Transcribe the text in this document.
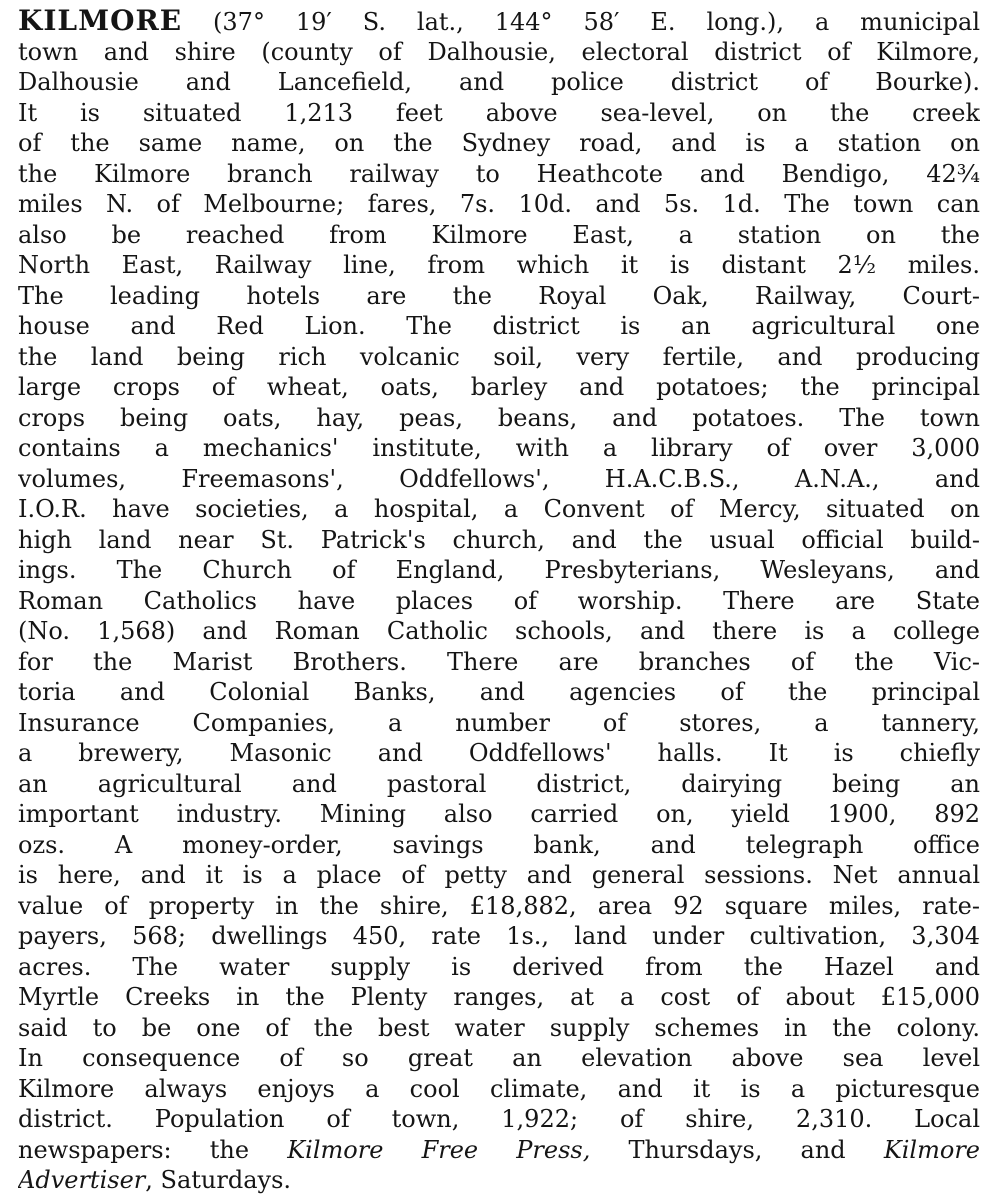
KILMORE (37° 19′ S. lat., 144° 58′ E. long.), a municipal
town and shire (county of Dalhousie, electoral district of Kilmore,
Dalhousie and Lancefield, and police district of Bourke).
It is situated 1,213 feet above sea-level, on the creek
of the same name, on the Sydney road, and is a station on
the Kilmore branch railway to Heathcote and Bendigo, 42¾
miles N. of Melbourne; fares, 7s. 10d. and 5s. 1d. The town can
also be reached from Kilmore East, a station on the
North East, Railway line, from which it is distant 2½ miles.
The leading hotels are the Royal Oak, Railway, Court-
house and Red Lion. The district is an agricultural one
the land being rich volcanic soil, very fertile, and producing
large crops of wheat, oats, barley and potatoes; the principal
crops being oats, hay, peas, beans, and potatoes. The town
contains a mechanics' institute, with a library of over 3,000
volumes, Freemasons', Oddfellows', H.A.C.B.S., A.N.A., and
I.O.R. have societies, a hospital, a Convent of Mercy, situated on
high land near St. Patrick's church, and the usual official build-
ings. The Church of England, Presbyterians, Wesleyans, and
Roman Catholics have places of worship. There are State
(No. 1,568) and Roman Catholic schools, and there is a college
for the Marist Brothers. There are branches of the Vic-
toria and Colonial Banks, and agencies of the principal
Insurance Companies, a number of stores, a tannery,
a brewery, Masonic and Oddfellows' halls. It is chiefly
an agricultural and pastoral district, dairying being an
important industry. Mining also carried on, yield 1900, 892
ozs. A money-order, savings bank, and telegraph office
is here, and it is a place of petty and general sessions. Net annual
value of property in the shire, £18,882, area 92 square miles, rate-
payers, 568; dwellings 450, rate 1s., land under cultivation, 3,304
acres. The water supply is derived from the Hazel and
Myrtle Creeks in the Plenty ranges, at a cost of about £15,000
said to be one of the best water supply schemes in the colony.
In consequence of so great an elevation above sea level
Kilmore always enjoys a cool climate, and it is a picturesque
district. Population of town, 1,922; of shire, 2,310. Local
newspapers: the Kilmore Free Press, Thursdays, and Kilmore
Advertiser, Saturdays.
